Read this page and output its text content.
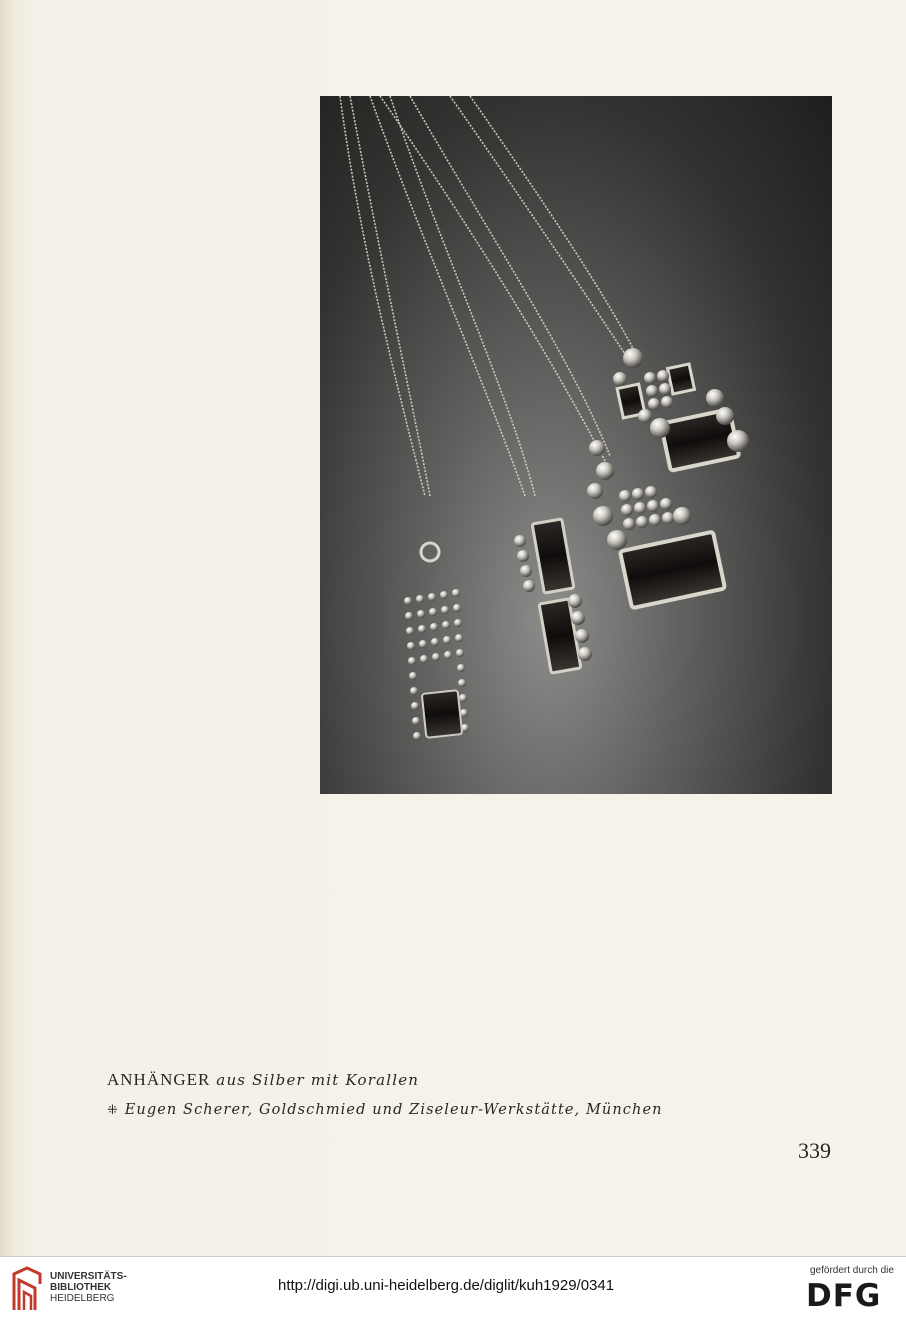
ANHÄNGER aus Silber mit Korallen
⁜ Eugen Scherer, Goldschmied und Ziseleur-Werkstätte, München
339
UNIVERSITÄTS-
BIBLIOTHEK
HEIDELBERG
http://digi.ub.uni-heidelberg.de/diglit/kuh1929/0341
gefördert durch die
DFG
